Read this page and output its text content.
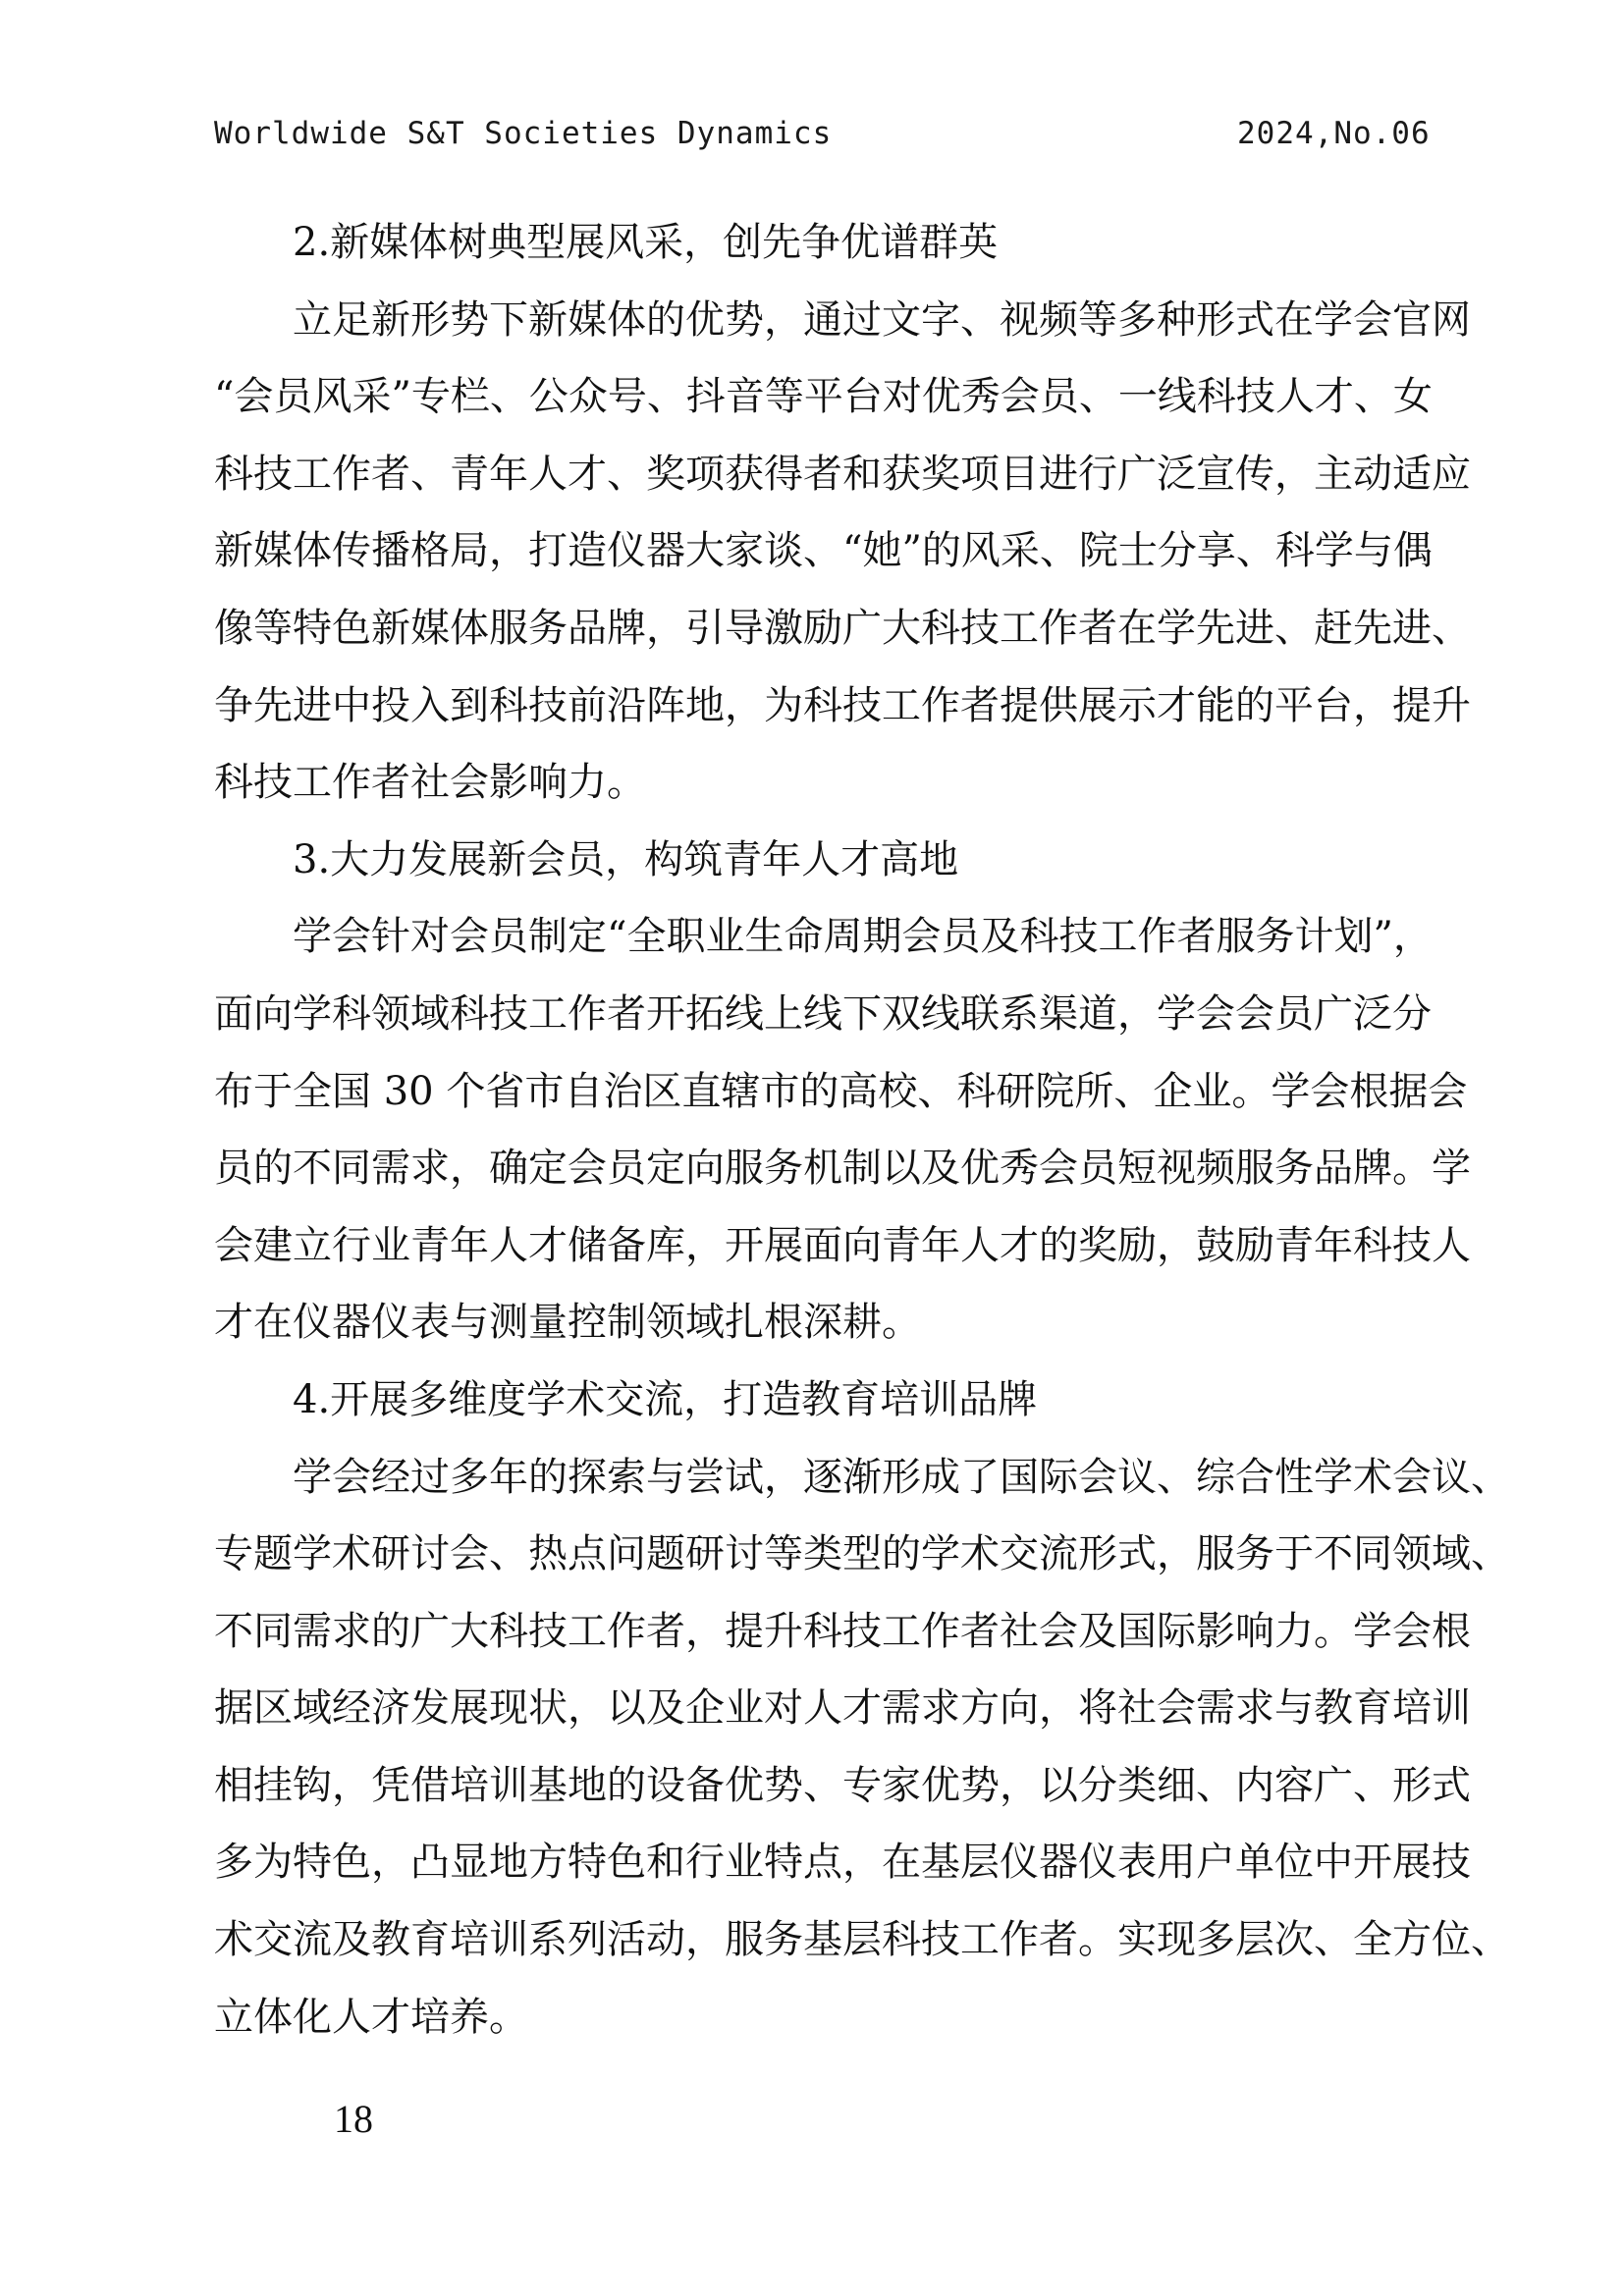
Worldwide S&T Societies Dynamics	2024,No.06
2.新媒体树典型展风采，创先争优谱群英
　　立足新形势下新媒体的优势，通过文字、视频等多种形式在学会官网
“会员风采”专栏、公众号、抖音等平台对优秀会员、一线科技人才、女
科技工作者、青年人才、奖项获得者和获奖项目进行广泛宣传，主动适应
新媒体传播格局，打造仪器大家谈、“她”的风采、院士分享、科学与偶
像等特色新媒体服务品牌，引导激励广大科技工作者在学先进、赶先进、
争先进中投入到科技前沿阵地，为科技工作者提供展示才能的平台，提升
科技工作者社会影响力。
3.大力发展新会员，构筑青年人才高地
　　学会针对会员制定“全职业生命周期会员及科技工作者服务计划”，
面向学科领域科技工作者开拓线上线下双线联系渠道，学会会员广泛分
布于全国 30 个省市自治区直辖市的高校、科研院所、企业。学会根据会
员的不同需求，确定会员定向服务机制以及优秀会员短视频服务品牌。学
会建立行业青年人才储备库，开展面向青年人才的奖励，鼓励青年科技人
才在仪器仪表与测量控制领域扎根深耕。
4.开展多维度学术交流，打造教育培训品牌
　　学会经过多年的探索与尝试，逐渐形成了国际会议、综合性学术会议、
专题学术研讨会、热点问题研讨等类型的学术交流形式，服务于不同领域、
不同需求的广大科技工作者，提升科技工作者社会及国际影响力。学会根
据区域经济发展现状，以及企业对人才需求方向，将社会需求与教育培训
相挂钩，凭借培训基地的设备优势、专家优势，以分类细、内容广、形式
多为特色，凸显地方特色和行业特点，在基层仪器仪表用户单位中开展技
术交流及教育培训系列活动，服务基层科技工作者。实现多层次、全方位、
立体化人才培养。
18
